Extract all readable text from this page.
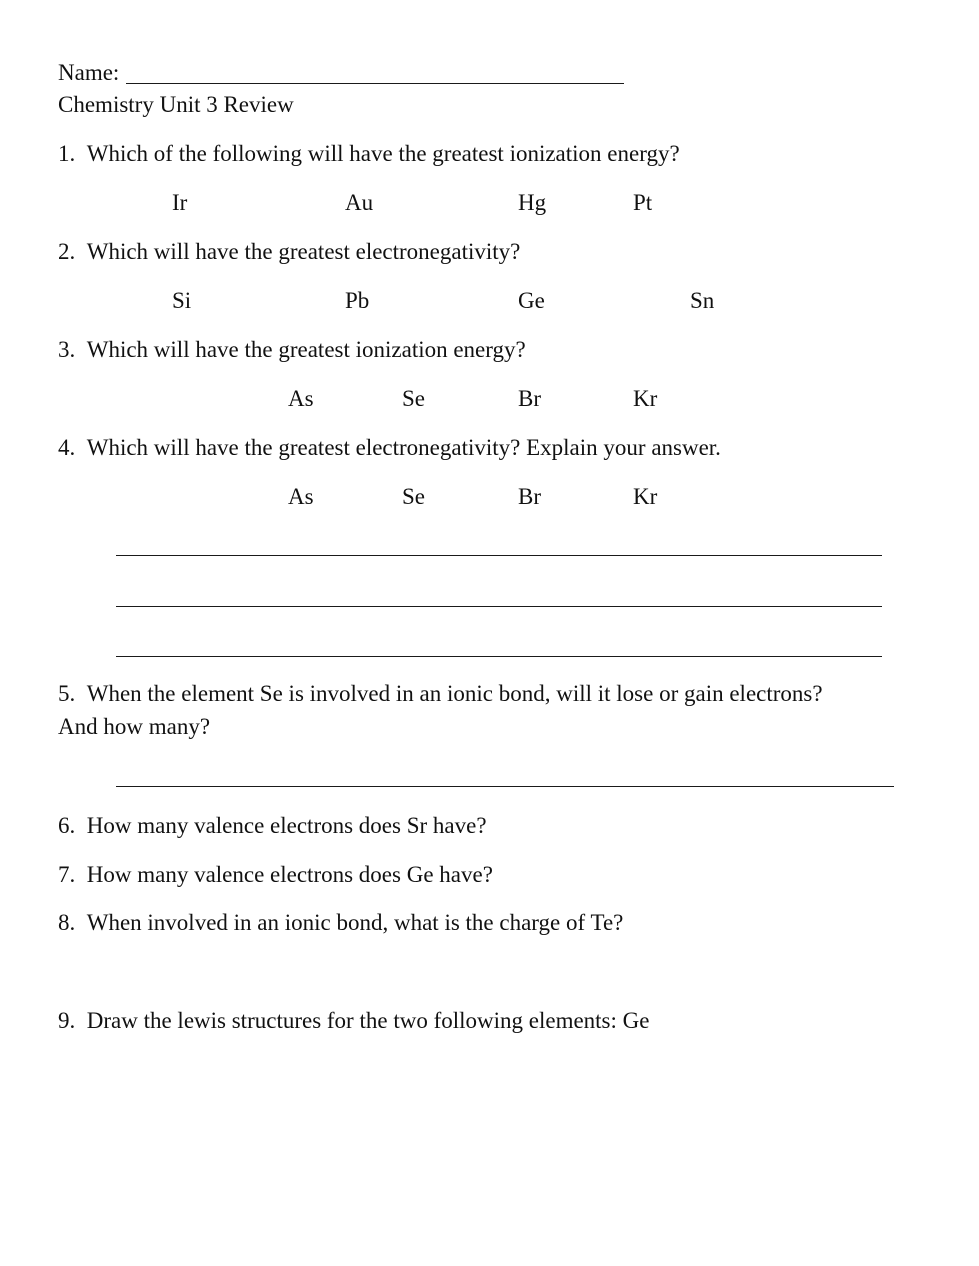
Name:
Chemistry Unit 3 Review
1. Which of the following will have the greatest ionization energy?
Ir	Au	Hg	Pt
2. Which will have the greatest electronegativity?
Si	Pb	Ge	Sn
3. Which will have the greatest ionization energy?
As	Se	Br	Kr
4. Which will have the greatest electronegativity? Explain your answer.
As	Se	Br	Kr
5. When the element Se is involved in an ionic bond, will it lose or gain electrons?
And how many?
6. How many valence electrons does Sr have?
7. How many valence electrons does Ge have?
8. When involved in an ionic bond, what is the charge of Te?
9. Draw the lewis structures for the two following elements: Ge
